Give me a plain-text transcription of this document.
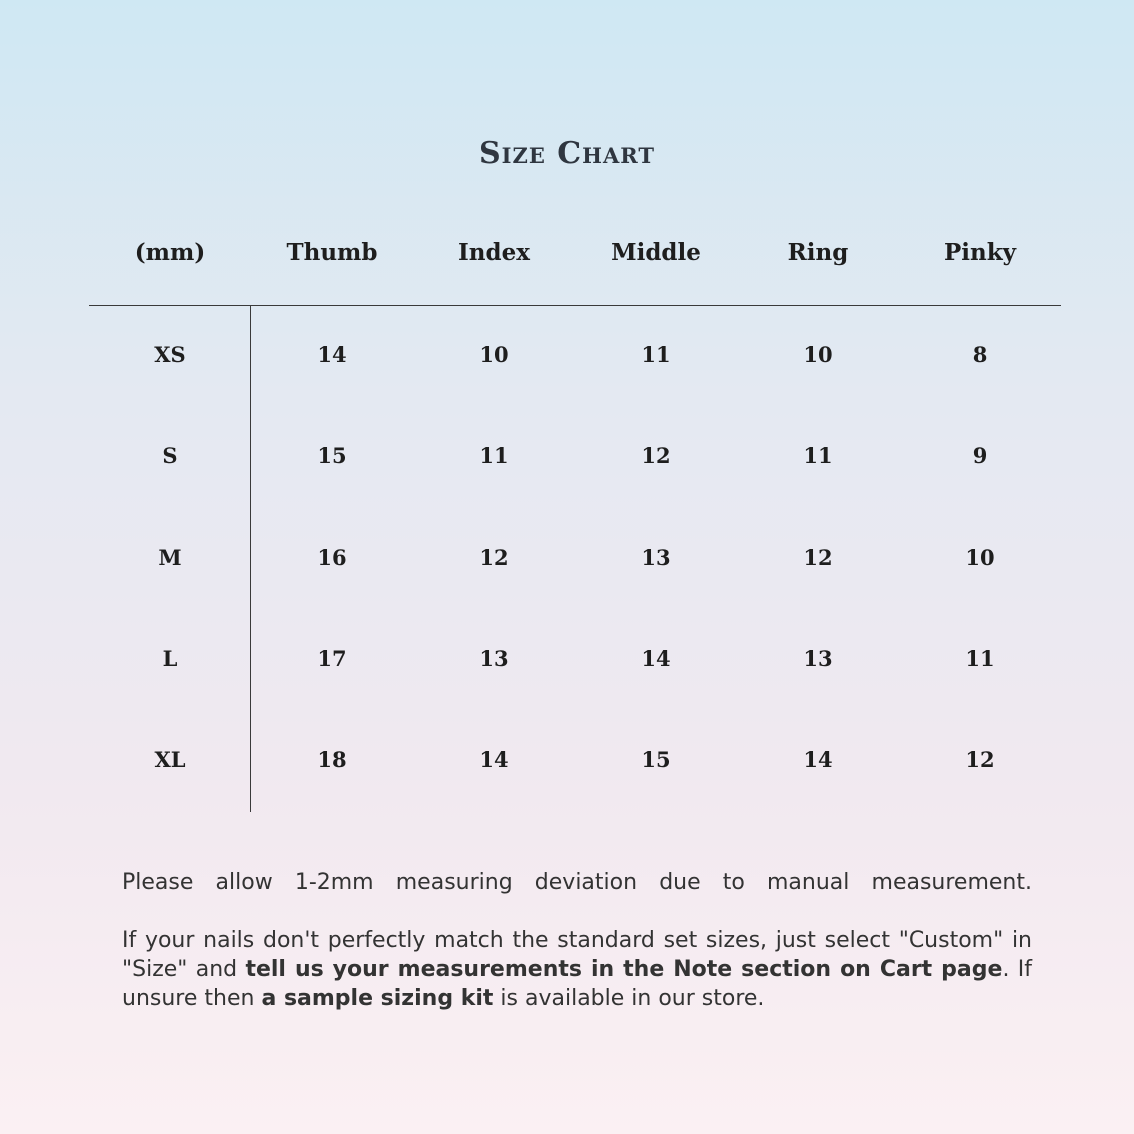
Size Chart
(mm)	Thumb	Index	Middle	Ring	Pinky
XS	14	10	11	10	8
S	15	11	12	11	9
M	16	12	13	12	10
L	17	13	14	13	11
XL	18	14	15	14	12

Please allow 1-2mm measuring deviation due to manual measurement.

If your nails don't perfectly match the standard set sizes, just select "Custom" in "Size" and tell us your measurements in the Note section on Cart page. If unsure then a sample sizing kit is available in our store.
